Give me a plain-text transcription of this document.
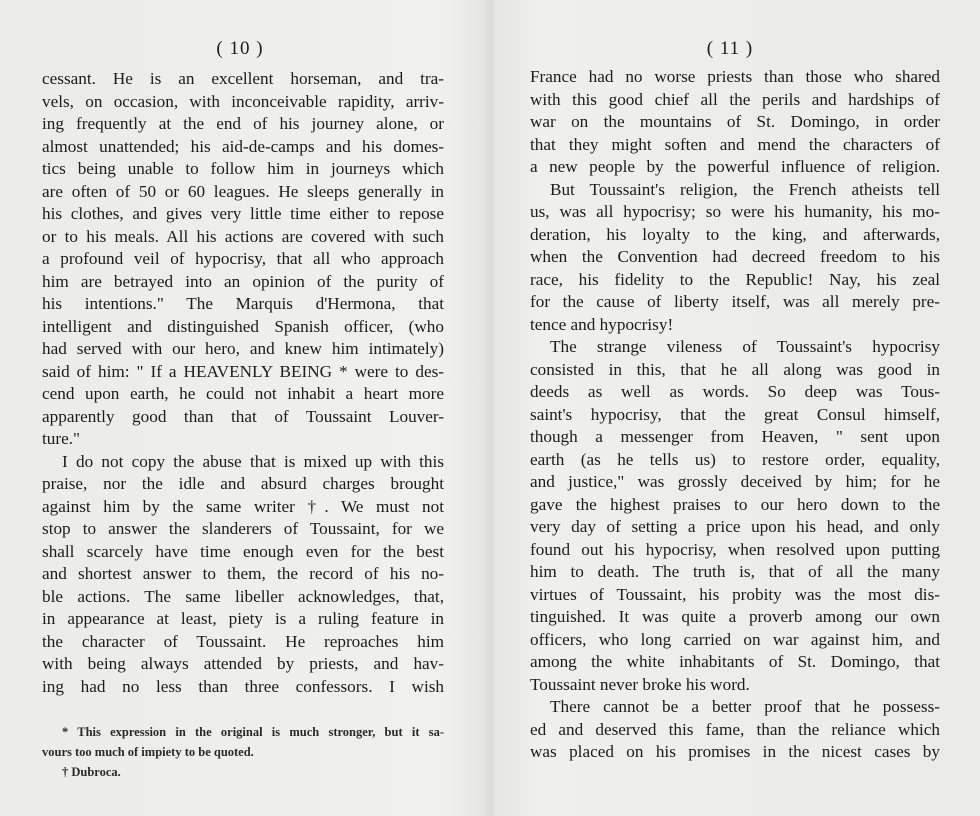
( 10 )
cessant. He is an excellent horseman, and tra-
vels, on occasion, with inconceivable rapidity, arriv-
ing frequently at the end of his journey alone, or
almost unattended; his aid-de-camps and his domes-
tics being unable to follow him in journeys which
are often of 50 or 60 leagues. He sleeps generally in
his clothes, and gives very little time either to repose
or to his meals. All his actions are covered with such
a profound veil of hypocrisy, that all who approach
him are betrayed into an opinion of the purity of
his intentions." The Marquis d'Hermona, that
intelligent and distinguished Spanish officer, (who
had served with our hero, and knew him intimately)
said of him: " If a HEAVENLY BEING * were to des-
cend upon earth, he could not inhabit a heart more
apparently good than that of Toussaint Louver-
ture."
I do not copy the abuse that is mixed up with this
praise, nor the idle and absurd charges brought
against him by the same writer †. We must not
stop to answer the slanderers of Toussaint, for we
shall scarcely have time enough even for the best
and shortest answer to them, the record of his no-
ble actions. The same libeller acknowledges, that,
in appearance at least, piety is a ruling feature in
the character of Toussaint. He reproaches him
with being always attended by priests, and hav-
ing had no less than three confessors. I wish
* This expression in the original is much stronger, but it sa-
vours too much of impiety to be quoted.
† Dubroca.
( 11 )
France had no worse priests than those who shared
with this good chief all the perils and hardships of
war on the mountains of St. Domingo, in order
that they might soften and mend the characters of
a new people by the powerful influence of religion.
But Toussaint's religion, the French atheists tell
us, was all hypocrisy; so were his humanity, his mo-
deration, his loyalty to the king, and afterwards,
when the Convention had decreed freedom to his
race, his fidelity to the Republic! Nay, his zeal
for the cause of liberty itself, was all merely pre-
tence and hypocrisy!
The strange vileness of Toussaint's hypocrisy
consisted in this, that he all along was good in
deeds as well as words. So deep was Tous-
saint's hypocrisy, that the great Consul himself,
though a messenger from Heaven, " sent upon
earth (as he tells us) to restore order, equality,
and justice," was grossly deceived by him; for he
gave the highest praises to our hero down to the
very day of setting a price upon his head, and only
found out his hypocrisy, when resolved upon putting
him to death. The truth is, that of all the many
virtues of Toussaint, his probity was the most dis-
tinguished. It was quite a proverb among our own
officers, who long carried on war against him, and
among the white inhabitants of St. Domingo, that
Toussaint never broke his word.
There cannot be a better proof that he possess-
ed and deserved this fame, than the reliance which
was placed on his promises in the nicest cases by
